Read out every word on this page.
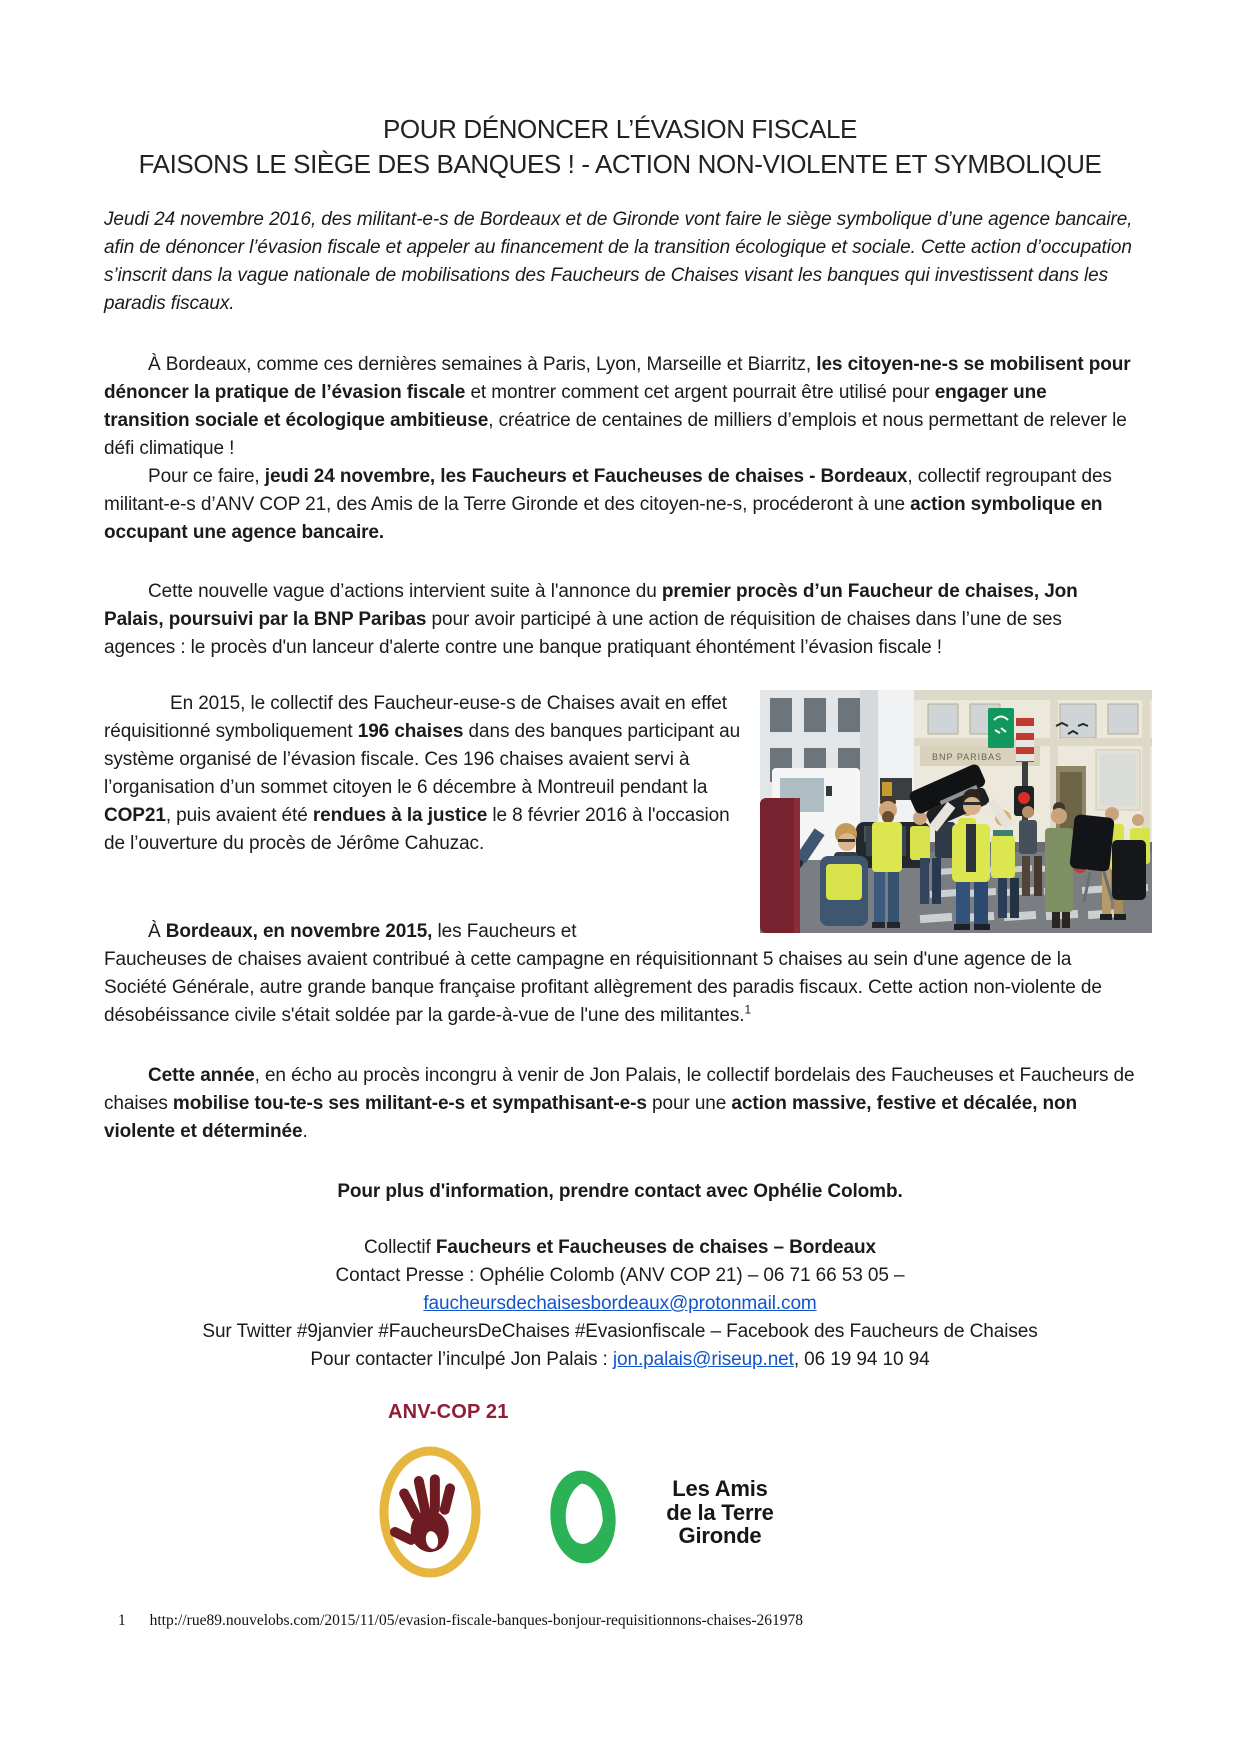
POUR DÉNONCER L’ÉVASION FISCALE
FAISONS LE SIÈGE DES BANQUES ! - ACTION NON-VIOLENTE ET SYMBOLIQUE
Jeudi 24 novembre 2016, des militant-e-s de Bordeaux et de Gironde vont faire le siège symbolique d’une agence bancaire, afin de dénoncer l’évasion fiscale et appeler au financement de la transition écologique et sociale. Cette action d’occupation s’inscrit dans la vague nationale de mobilisations des Faucheurs de Chaises visant les banques qui investissent dans les paradis fiscaux.

À Bordeaux, comme ces dernières semaines à Paris, Lyon, Marseille et Biarritz, les citoyen-ne-s se mobilisent pour dénoncer la pratique de l’évasion fiscale et montrer comment cet argent pourrait être utilisé pour engager une transition sociale et écologique ambitieuse, créatrice de centaines de milliers d’emplois et nous permettant de relever le défi climatique !

Pour ce faire, jeudi 24 novembre, les Faucheurs et Faucheuses de chaises - Bordeaux, collectif regroupant des militant-e-s d’ANV COP 21, des Amis de la Terre Gironde et des citoyen-ne-s, procéderont à une action symbolique en occupant une agence bancaire.

Cette nouvelle vague d’actions intervient suite à l'annonce du premier procès d’un Faucheur de chaises, Jon Palais, poursuivi par la BNP Paribas pour avoir participé à une action de réquisition de chaises dans l’une de ses agences : le procès d'un lanceur d'alerte contre une banque pratiquant éhontément l’évasion fiscale !
BNP PARIBAS
En 2015, le collectif des Faucheur-euse-s de Chaises avait en effet réquisitionné symboliquement 196 chaises dans des banques participant au système organisé de l’évasion fiscale. Ces 196 chaises avaient servi à l’organisation d’un sommet citoyen le 6 décembre à Montreuil pendant la COP21, puis avaient été rendues à la justice le 8 février 2016 à l'occasion de l’ouverture du procès de Jérôme Cahuzac.
À Bordeaux, en novembre 2015, les Faucheurs et
Faucheuses de chaises avaient contribué à cette campagne en réquisitionnant 5 chaises au sein d'une agence de la Société Générale, autre grande banque française profitant allègrement des paradis fiscaux. Cette action non-violente de désobéissance civile s'était soldée par la garde-à-vue de l'une des militantes.$^1$
Cette année, en écho au procès incongru à venir de Jon Palais, le collectif bordelais des Faucheuses et Faucheurs de chaises mobilise tou-te-s ses militant-e-s et sympathisant-e-s pour une action massive, festive et décalée, non violente et déterminée.
Pour plus d'information, prendre contact avec Ophélie Colomb.
Collectif Faucheurs et Faucheuses de chaises – Bordeaux
Contact Presse : Ophélie Colomb (ANV COP 21) – 06 71 66 53 05 –
faucheursdechaisesbordeaux@protonmail.com
Sur Twitter #9janvier #FaucheursDeChaises #Evasionfiscale – Facebook des Faucheurs de Chaises
Pour contacter l’inculpé Jon Palais : jon.palais@riseup.net, 06 19 94 10 94
ANV-COP 21
Les Amis
de la Terre
Gironde
1 http://rue89.nouvelobs.com/2015/11/05/evasion-fiscale-banques-bonjour-requisitionnons-chaises-261978
